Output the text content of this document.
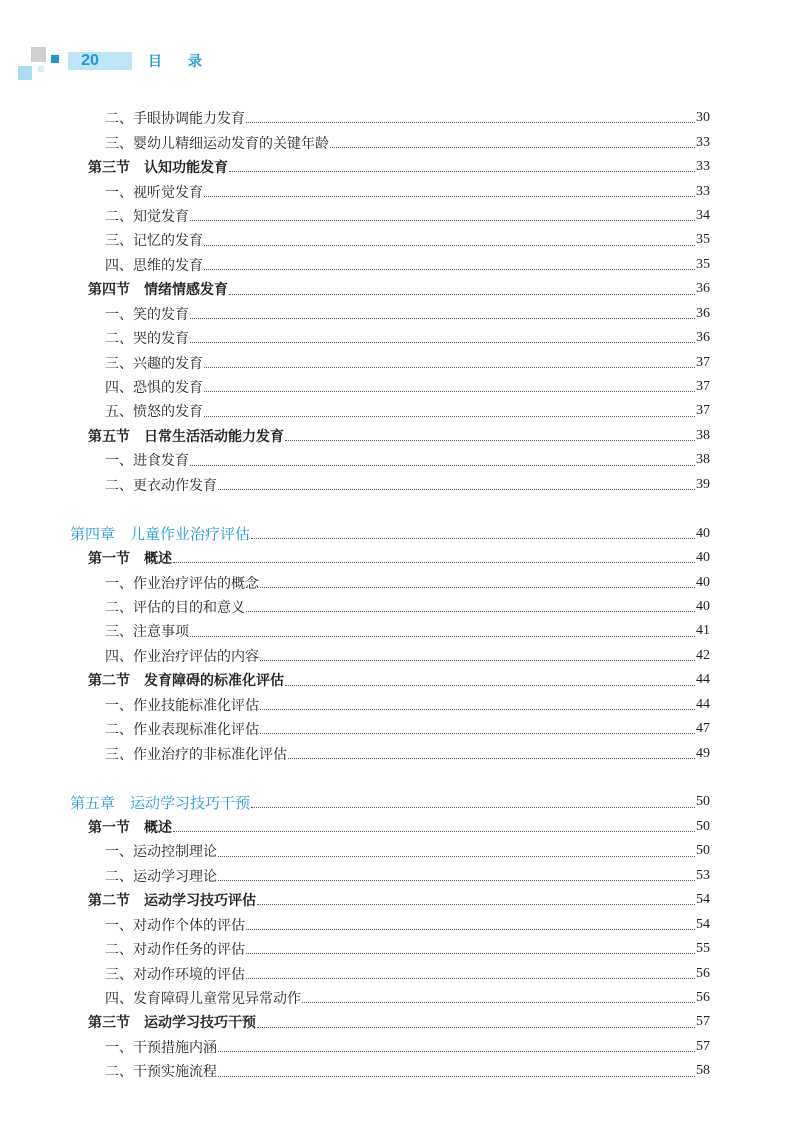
20	目　录
二、手眼协调能力发育	30
三、婴幼儿精细运动发育的关键年龄	33
第三节　认知功能发育	33
一、视听觉发育	33
二、知觉发育	34
三、记忆的发育	35
四、思维的发育	35
第四节　情绪情感发育	36
一、笑的发育	36
二、哭的发育	36
三、兴趣的发育	37
四、恐惧的发育	37
五、愤怒的发育	37
第五节　日常生活活动能力发育	38
一、进食发育	38
二、更衣动作发育	39
第四章　儿童作业治疗评估	40
第一节　概述	40
一、作业治疗评估的概念	40
二、评估的目的和意义	40
三、注意事项	41
四、作业治疗评估的内容	42
第二节　发育障碍的标准化评估	44
一、作业技能标准化评估	44
二、作业表现标准化评估	47
三、作业治疗的非标准化评估	49
第五章　运动学习技巧干预	50
第一节　概述	50
一、运动控制理论	50
二、运动学习理论	53
第二节　运动学习技巧评估	54
一、对动作个体的评估	54
二、对动作任务的评估	55
三、对动作环境的评估	56
四、发育障碍儿童常见异常动作	56
第三节　运动学习技巧干预	57
一、干预措施内涵	57
二、干预实施流程	58
